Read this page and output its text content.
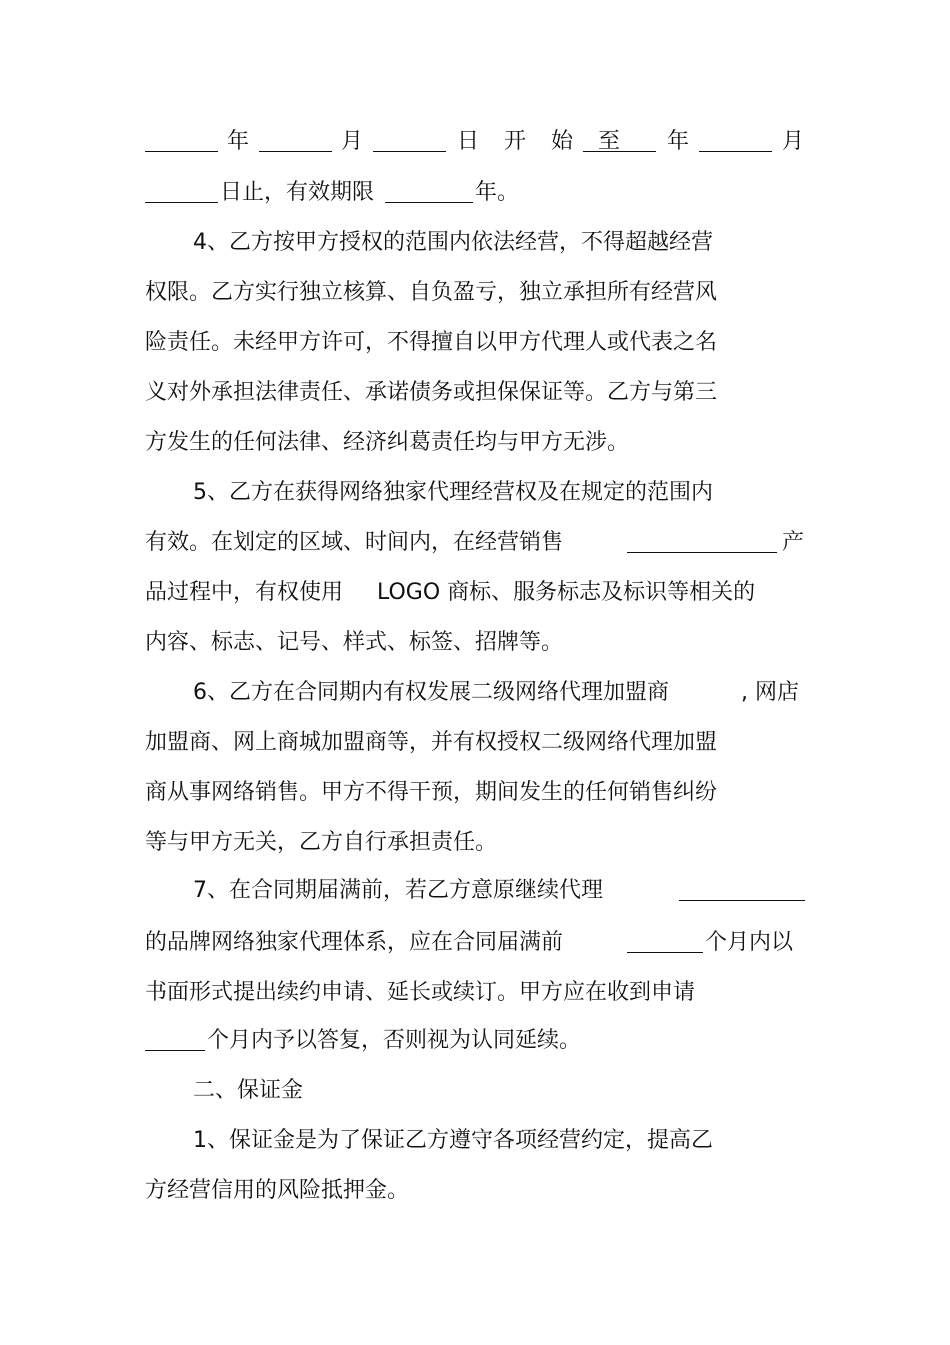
年	月	日 开 始 至 年	月
日止，有效期限	年。
4、乙方按甲方授权的范围内依法经营，不得超越经营
权限。乙方实行独立核算、自负盈亏，独立承担所有经营风
险责任。未经甲方许可，不得擅自以甲方代理人或代表之名
义对外承担法律责任、承诺债务或担保保证等。乙方与第三
方发生的任何法律、经济纠葛责任均与甲方无涉。
5、乙方在获得网络独家代理经营权及在规定的范围内
有效。在划定的区域、时间内，在经营销售	产
品过程中，有权使用 LOGO 商标、服务标志及标识等相关的
内容、标志、记号、样式、标签、招牌等。
6、乙方在合同期内有权发展二级网络代理加盟商	, 网店
加盟商、网上商城加盟商等，并有权授权二级网络代理加盟
商从事网络销售。甲方不得干预，期间发生的任何销售纠纷
等与甲方无关，乙方自行承担责任。
7、在合同期届满前，若乙方意原继续代理
的品牌网络独家代理体系，应在合同届满前	个月内以
书面形式提出续约申请、延长或续订。甲方应在收到申请
个月内予以答复，否则视为认同延续。
二、保证金
1、保证金是为了保证乙方遵守各项经营约定，提高乙
方经营信用的风险抵押金。
